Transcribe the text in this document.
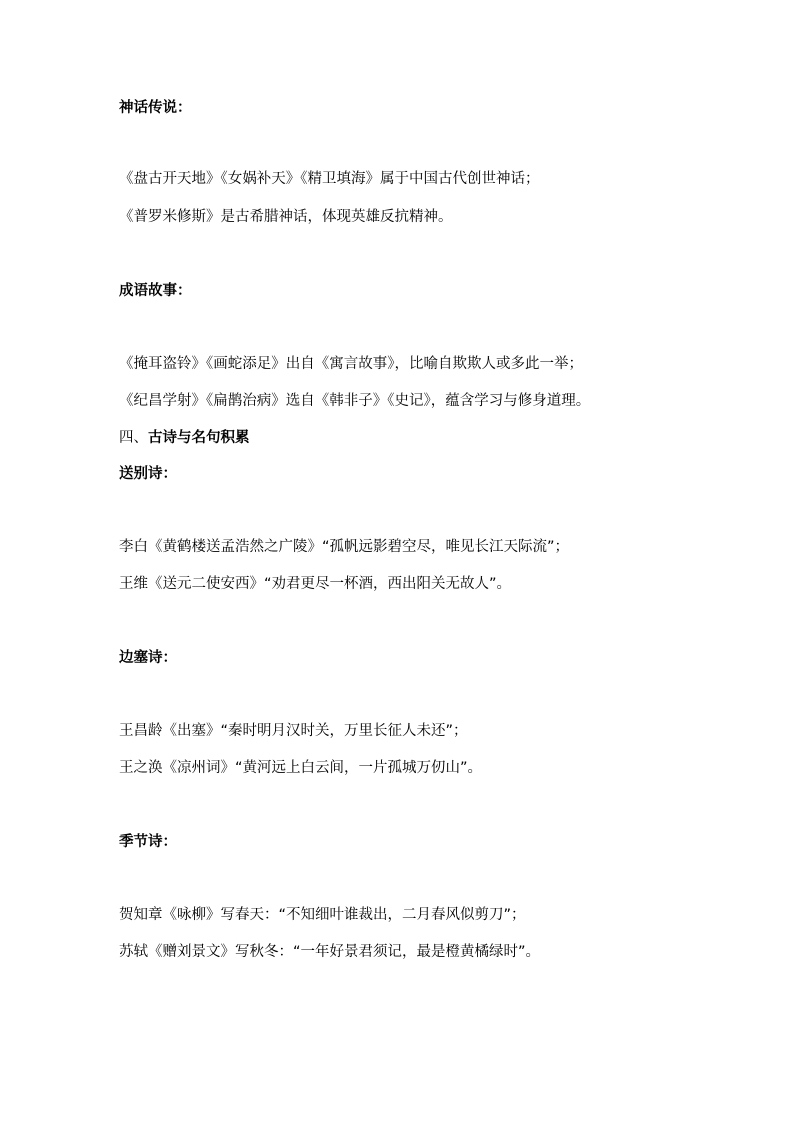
神话传说：
《盘古开天地》《女娲补天》《精卫填海》属于中国古代创世神话；
《普罗米修斯》是古希腊神话，体现英雄反抗精神。
成语故事：
《掩耳盗铃》《画蛇添足》出自《寓言故事》，比喻自欺欺人或多此一举；
《纪昌学射》《扁鹊治病》选自《韩非子》《史记》，蕴含学习与修身道理。
四、古诗与名句积累
送别诗：
李白《黄鹤楼送孟浩然之广陵》“孤帆远影碧空尽，唯见长江天际流”；
王维《送元二使安西》“劝君更尽一杯酒，西出阳关无故人”。
边塞诗：
王昌龄《出塞》“秦时明月汉时关，万里长征人未还”；
王之涣《凉州词》“黄河远上白云间，一片孤城万仞山”。
季节诗：
贺知章《咏柳》写春天：“不知细叶谁裁出，二月春风似剪刀”；
苏轼《赠刘景文》写秋冬：“一年好景君须记，最是橙黄橘绿时”。
